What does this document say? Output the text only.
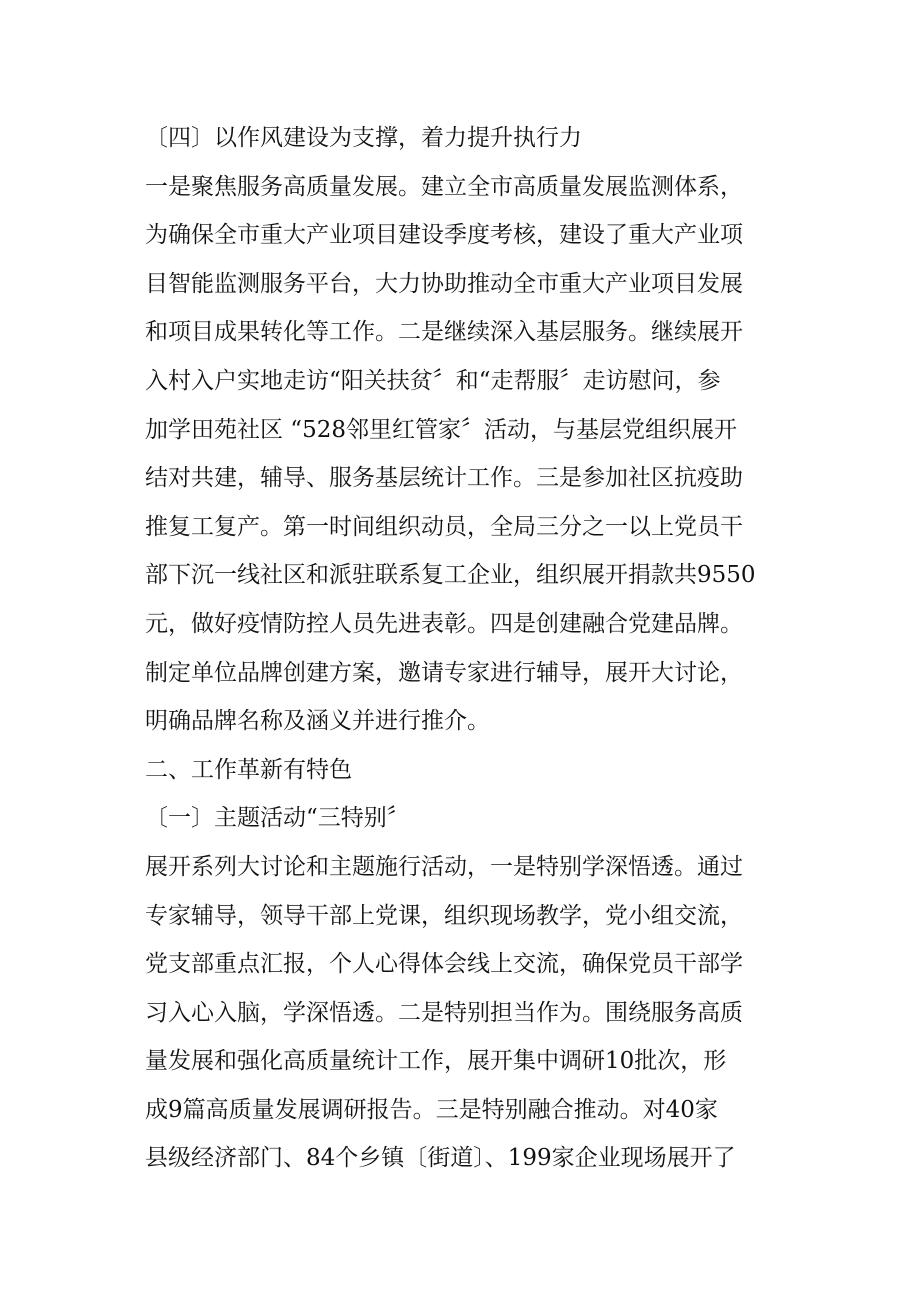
〔四〕以作风建设为支撑，着力提升执行力
一是聚焦服务高质量发展。建立全市高质量发展监测体系，
为确保全市重大产业项目建设季度考核，建设了重大产业项
目智能监测服务平台，大力协助推动全市重大产业项目发展
和项目成果转化等工作。二是继续深入基层服务。继续展开
入村入户实地走访“阳关扶贫〞和“走帮服〞走访慰问，参
加学田苑社区 “528邻里红管家〞活动，与基层党组织展开
结对共建，辅导、服务基层统计工作。三是参加社区抗疫助
推复工复产。第一时间组织动员，全局三分之一以上党员干
部下沉一线社区和派驻联系复工企业，组织展开捐款共9550
元，做好疫情防控人员先进表彰。四是创建融合党建品牌。
制定单位品牌创建方案，邀请专家进行辅导，展开大讨论，
明确品牌名称及涵义并进行推介。
二、工作革新有特色
〔一〕主题活动“三特别〞
展开系列大讨论和主题施行活动，一是特别学深悟透。通过
专家辅导，领导干部上党课，组织现场教学，党小组交流，
党支部重点汇报，个人心得体会线上交流，确保党员干部学
习入心入脑，学深悟透。二是特别担当作为。围绕服务高质
量发展和强化高质量统计工作，展开集中调研10批次，形
成9篇高质量发展调研报告。三是特别融合推动。对40家
县级经济部门、84个乡镇〔街道〕、199家企业现场展开了
